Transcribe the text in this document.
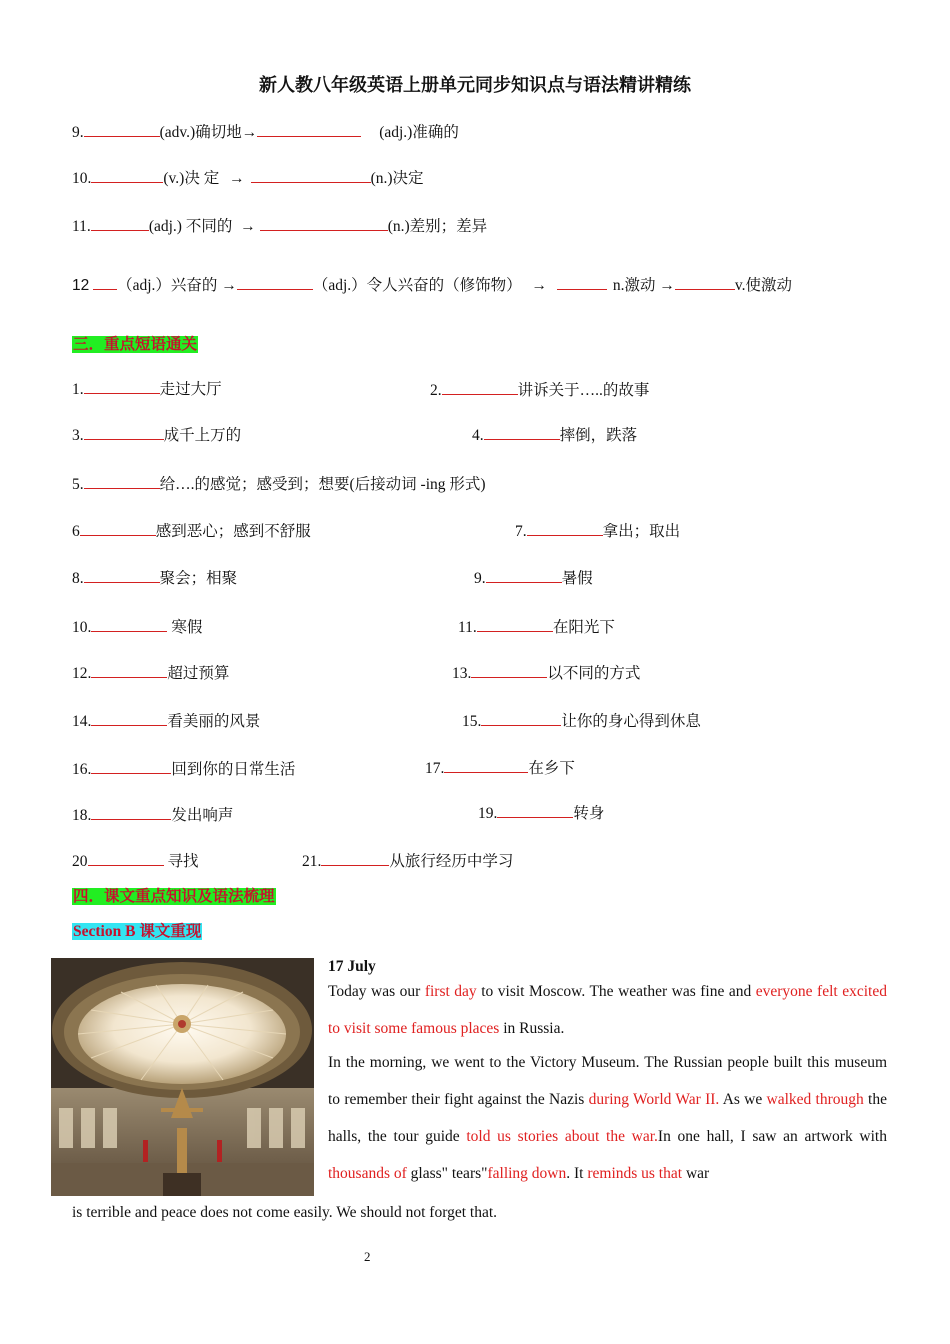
新人教八年级英语上册单元同步知识点与语法精讲精练
9.	(adv.)确切地→	(adj.)准确的
10.	(v.)决 定 →	(n.)决定
11.	(adj.) 不同的 →	(n.)差别；差异
12 （adj.）兴奋的 →	（adj.）令人兴奋的（修饰物） →	n.激动 →	v.使激动
三．重点短语通关
1.	走过大厅	2.	讲诉关于…..的故事
3.	成千上万的	4.	摔倒，跌落
5.	给….的感觉；感受到；想要(后接动词 -ing 形式)
6	感到恶心；感到不舒服	7.	拿出；取出
8.	聚会；相聚	9.	暑假
10.	寒假	11.	在阳光下
12.	超过预算	13.	以不同的方式
14.	看美丽的风景	15.	让你的身心得到休息
16.	回到你的日常生活	17.	在乡下
18.	发出响声	19.	转身
20	寻找	21.	从旅行经历中学习
四．课文重点知识及语法梳理
Section B 课文重现
17 July
Today was our first day to visit Moscow. The weather was fine and everyone felt excited to visit some famous places in Russia.
In the morning, we went to the Victory Museum. The Russian people built this museum to remember their fight against the Nazis during World War II. As we walked through the halls, the tour guide told us stories about the war.In one hall, I saw an artwork with thousands of glass" tears"falling down. It reminds us that war
is terrible and peace does not come easily. We should not forget that.
2
